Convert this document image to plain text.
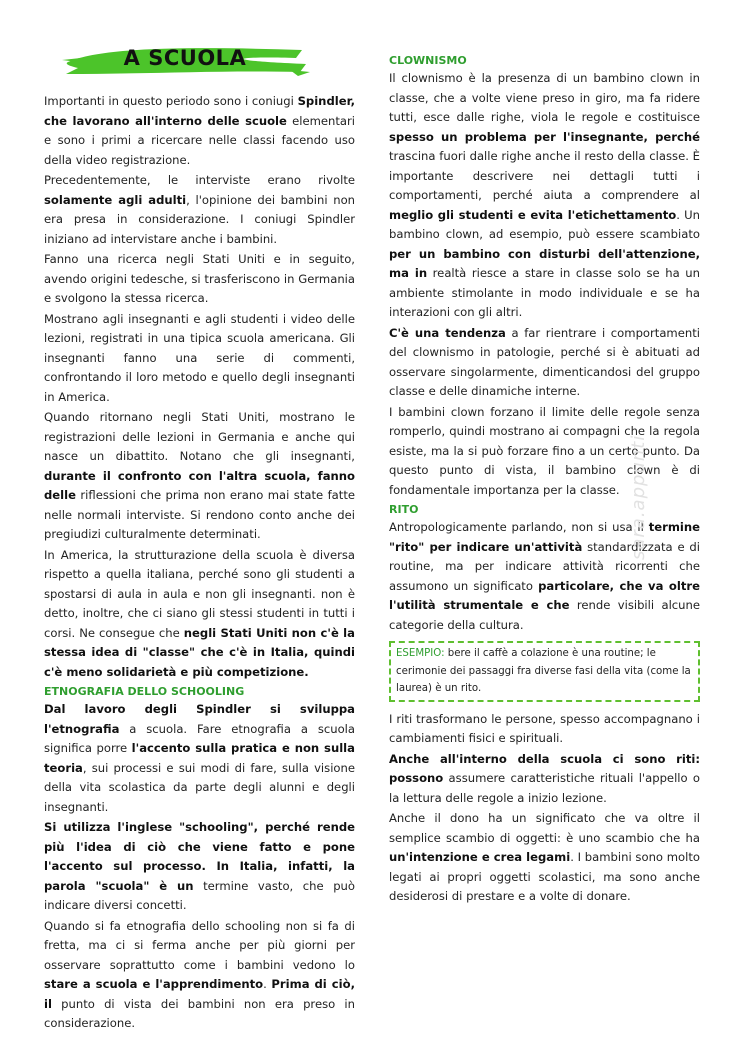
A SCUOLA

Importanti in questo periodo sono i coniugi Spindler, che lavorano all'interno delle scuole elementari e sono i primi a ricercare nelle classi facendo uso della video registrazione.

Precedentemente, le interviste erano rivolte solamente agli adulti, l'opinione dei bambini non era presa in considerazione. I coniugi Spindler iniziano ad intervistare anche i bambini.

Fanno una ricerca negli Stati Uniti e in seguito, avendo origini tedesche, si trasferiscono in Germania e svolgono la stessa ricerca.

Mostrano agli insegnanti e agli studenti i video delle lezioni, registrati in una tipica scuola americana. Gli insegnanti fanno una serie di commenti, confrontando il loro metodo e quello degli insegnanti in America.

Quando ritornano negli Stati Uniti, mostrano le registrazioni delle lezioni in Germania e anche qui nasce un dibattito. Notano che gli insegnanti, durante il confronto con l'altra scuola, fanno delle riflessioni che prima non erano mai state fatte nelle normali interviste. Si rendono conto anche dei pregiudizi culturalmente determinati.

In America, la strutturazione della scuola è diversa rispetto a quella italiana, perché sono gli studenti a spostarsi di aula in aula e non gli insegnanti. non è detto, inoltre, che ci siano gli stessi studenti in tutti i corsi. Ne consegue che negli Stati Uniti non c'è la stessa idea di "classe" che c'è in Italia, quindi c'è meno solidarietà e più competizione.

ETNOGRAFIA DELLO SCHOOLING

Dal lavoro degli Spindler si sviluppa l'etnografia a scuola. Fare etnografia a scuola significa porre l'accento sulla pratica e non sulla teoria, sui processi e sui modi di fare, sulla visione della vita scolastica da parte degli alunni e degli insegnanti.

Si utilizza l'inglese "schooling", perché rende più l'idea di ciò che viene fatto e pone l'accento sul processo. In Italia, infatti, la parola "scuola" è un termine vasto, che può indicare diversi concetti.

Quando si fa etnografia dello schooling non si fa di fretta, ma ci si ferma anche per più giorni per osservare soprattutto come i bambini vedono lo stare a scuola e l'apprendimento. Prima di ciò, il punto di vista dei bambini non era preso in considerazione.

CLOWNISMO

Il clownismo è la presenza di un bambino clown in classe, che a volte viene preso in giro, ma fa ridere tutti, esce dalle righe, viola le regole e costituisce spesso un problema per l'insegnante, perché trascina fuori dalle righe anche il resto della classe. È importante descrivere nei dettagli tutti i comportamenti, perché aiuta a comprendere al meglio gli studenti e evita l'etichettamento. Un bambino clown, ad esempio, può essere scambiato per un bambino con disturbi dell'attenzione, ma in realtà riesce a stare in classe solo se ha un ambiente stimolante in modo individuale e se ha interazioni con gli altri.

C'è una tendenza a far rientrare i comportamenti del clownismo in patologie, perché si è abituati ad osservare singolarmente, dimenticandosi del gruppo classe e delle dinamiche interne.

I bambini clown forzano il limite delle regole senza romperlo, quindi mostrano ai compagni che la regola esiste, ma la si può forzare fino a un certo punto. Da questo punto di vista, il bambino clown è di fondamentale importanza per la classe.

RITO

Antropologicamente parlando, non si usa il termine "rito" per indicare un'attività standardizzata e di routine, ma per indicare attività ricorrenti che assumono un significato particolare, che va oltre l'utilità strumentale e che rende visibili alcune categorie della cultura.

ESEMPIO: bere il caffè a colazione è una routine; le cerimonie dei passaggi fra diverse fasi della vita (come la laurea) è un rito.

I riti trasformano le persone, spesso accompagnano i cambiamenti fisici e spirituali.

Anche all'interno della scuola ci sono riti: possono assumere caratteristiche rituali l'appello o la lettura delle regole a inizio lezione.

Anche il dono ha un significato che va oltre il semplice scambio di oggetti: è uno scambio che ha un'intenzione e crea legami. I bambini sono molto legati ai propri oggetti scolastici, ma sono anche desiderosi di prestare e a volte di donare.

sara.appunti
